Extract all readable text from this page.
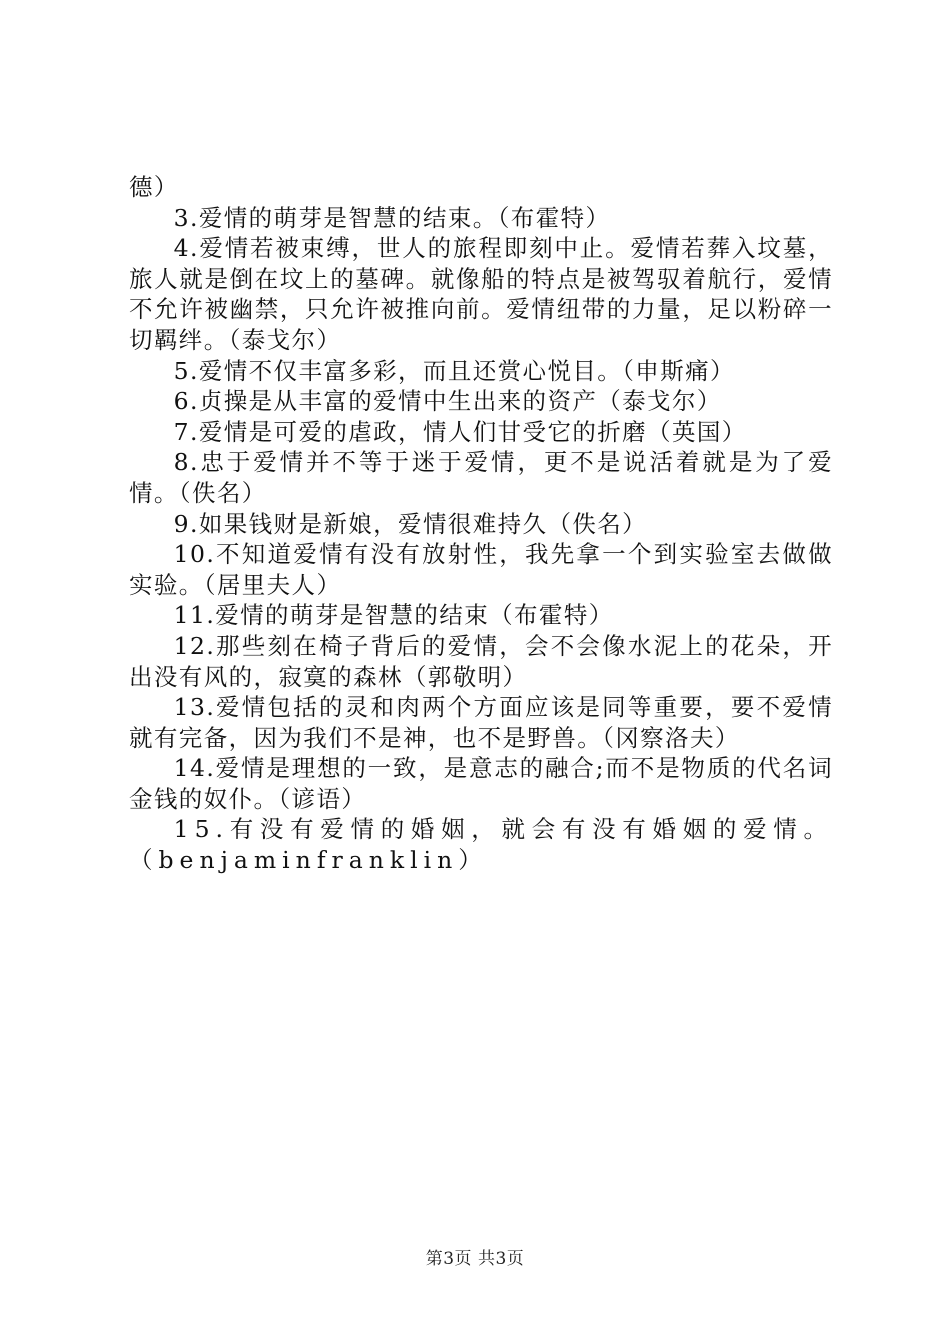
德）

3.爱情的萌芽是智慧的结束。（布霍特）

4.爱情若被束缚，世人的旅程即刻中止。爱情若葬入坟墓，旅人就是倒在坟上的墓碑。就像船的特点是被驾驭着航行，爱情不允许被幽禁，只允许被推向前。爱情纽带的力量，足以粉碎一切羁绊。（泰戈尔）

5.爱情不仅丰富多彩，而且还赏心悦目。（申斯痛）

6.贞操是从丰富的爱情中生出来的资产（泰戈尔）

7.爱情是可爱的虐政，情人们甘受它的折磨（英国）

8.忠于爱情并不等于迷于爱情，更不是说活着就是为了爱情。（佚名）

9.如果钱财是新娘，爱情很难持久（佚名）

10.不知道爱情有没有放射性，我先拿一个到实验室去做做实验。（居里夫人）

11.爱情的萌芽是智慧的结束（布霍特）

12.那些刻在椅子背后的爱情，会不会像水泥上的花朵，开出没有风的，寂寞的森林（郭敬明）

13.爱情包括的灵和肉两个方面应该是同等重要，要不爱情就有完备，因为我们不是神，也不是野兽。（冈察洛夫）

14.爱情是理想的一致，是意志的融合;而不是物质的代名词金钱的奴仆。（谚语）

15.有没有爱情的婚姻，就会有没有婚姻的爱情。（benjaminfranklin）

第3页 共3页
